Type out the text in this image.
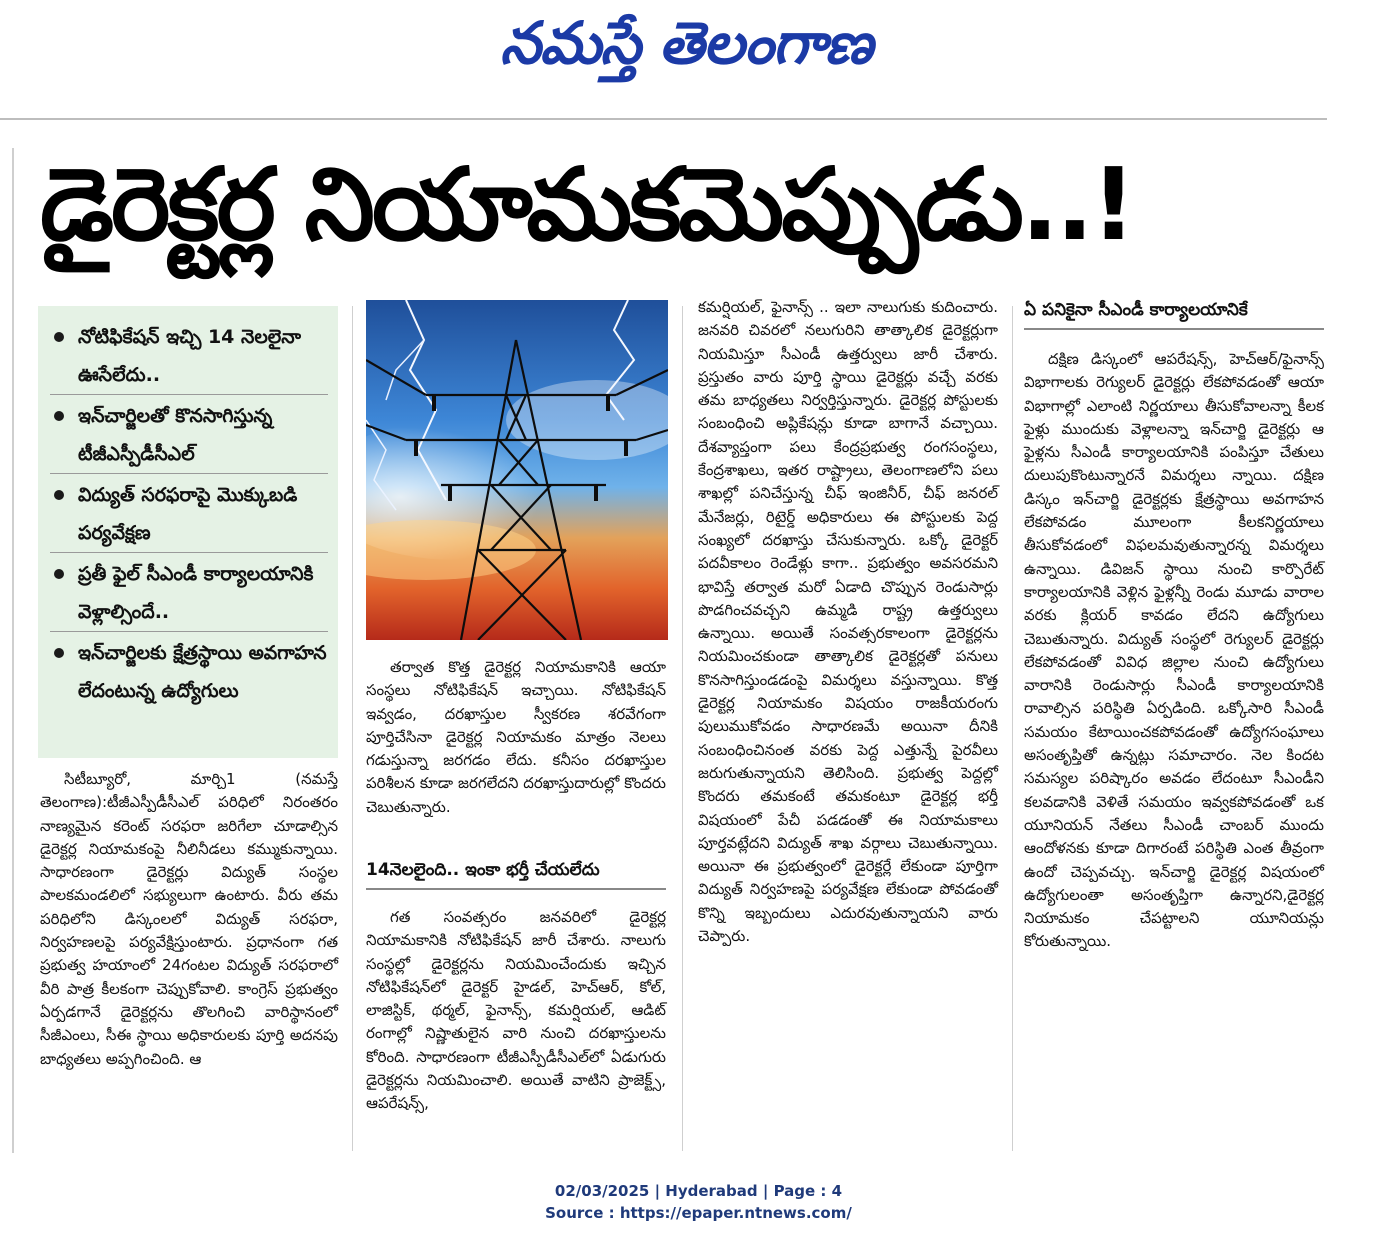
నమస్తే తెలంగాణ
డైరెక్టర్ల నియామకమెప్పుడు..!
నోటిఫికేషన్ ఇచ్చి 14 నెలలైనా ఊసేలేదు..
ఇన్‌చార్జిలతో కొనసాగిస్తున్న టీజీఎస్పీడీసీఎల్
విద్యుత్ సరఫరాపై మొక్కుబడి పర్యవేక్షణ
ప్రతీ ఫైల్ సీఎండీ కార్యాలయానికి వెళ్లాల్సిందే..
ఇన్‌చార్జిలకు క్షేత్రస్థాయి అవగాహన లేదంటున్న ఉద్యోగులు

సిటీబ్యూరో, మార్చి1 (నమస్తే తెలంగాణ):టీజీఎస్పీడీసీఎల్ పరిధిలో నిరంతరం నాణ్యమైన కరెంట్ సరఫరా జరిగేలా చూడాల్సిన డైరెక్టర్ల నియామకంపై నీలినీడలు కమ్ముకున్నాయి. సాధారణంగా డైరెక్టర్లు విద్యుత్ సంస్థల పాలకమండలిలో సభ్యులుగా ఉంటారు. వీరు తమ పరిధిలోని డిస్కంలలో విద్యుత్ సరఫరా, నిర్వహణలపై పర్యవేక్షిస్తుంటారు. ప్రధానంగా గత ప్రభుత్వ హయాంలో 24గంటల విద్యుత్ సరఫరాలో వీరి పాత్ర కీలకంగా చెప్పుకోవాలి. కాంగ్రెస్ ప్రభుత్వం ఏర్పడగానే డైరెక్టర్లను తొలగించి వారిస్థానంలో సీజీఎంలు, సీఈ స్థాయి అధికారులకు పూర్తి అదనపు బాధ్యతలు అప్పగించింది. ఆ

తర్వాత కొత్త డైరెక్టర్ల నియామకానికి ఆయా సంస్థలు నోటిఫికేషన్ ఇచ్చాయి. నోటిఫికేషన్ ఇవ్వడం, దరఖాస్తుల స్వీకరణ శరవేగంగా పూర్తిచేసినా డైరెక్టర్ల నియామకం మాత్రం నెలలు గడుస్తున్నా జరగడం లేదు. కనీసం దరఖాస్తుల పరిశీలన కూడా జరగలేదని దరఖాస్తుదారుల్లో కొందరు చెబుతున్నారు.

14నెలలైంది.. ఇంకా భర్తీ చేయలేదు

గత సంవత్సరం జనవరిలో డైరెక్టర్ల నియామకానికి నోటిఫికేషన్ జారీ చేశారు. నాలుగు సంస్థల్లో డైరెక్టర్లను నియమించేందుకు ఇచ్చిన నోటిఫికేషన్‌లో డైరెక్టర్ హైడల్, హెచ్‌ఆర్, కోల్, లాజిస్టిక్, థర్మల్, ఫైనాన్స్, కమర్షియల్, ఆడిట్ రంగాల్లో నిష్ణాతులైన వారి నుంచి దరఖాస్తులను కోరింది. సాధారణంగా టీజీఎస్పీడీసీఎల్‌లో ఏడుగురు డైరెక్టర్లను నియమించాలి. అయితే వాటిని ప్రాజెక్ట్స్, ఆపరేషన్స్,

కమర్షియల్, ఫైనాన్స్ .. ఇలా నాలుగుకు కుదించారు. జనవరి చివరలో నలుగురిని తాత్కాలిక డైరెక్టర్లుగా నియమిస్తూ సీఎండీ ఉత్తర్వులు జారీ చేశారు. ప్రస్తుతం వారు పూర్తి స్థాయి డైరెక్టర్లు వచ్చే వరకు తమ బాధ్యతలు నిర్వర్తిస్తున్నారు. డైరెక్టర్ల పోస్టులకు సంబంధించి అప్లికేషన్లు కూడా బాగానే వచ్చాయి. దేశవ్యాప్తంగా పలు కేంద్రప్రభుత్వ రంగసంస్థలు, కేంద్రశాఖలు, ఇతర రాష్ట్రాలు, తెలంగాణలోని పలు శాఖల్లో పనిచేస్తున్న చీఫ్ ఇంజినీర్, చీఫ్ జనరల్ మేనేజర్లు, రిటైర్డ్ అధికారులు ఈ పోస్టులకు పెద్ద సంఖ్యలో దరఖాస్తు చేసుకున్నారు. ఒక్కో డైరెక్టర్ పదవీకాలం రెండేళ్లు కాగా.. ప్రభుత్వం అవసరమని భావిస్తే తర్వాత మరో ఏడాది చొప్పున రెండుసార్లు పొడగించవచ్చని ఉమ్మడి రాష్ట్ర ఉత్తర్వులు ఉన్నాయి. అయితే సంవత్సరకాలంగా డైరెక్టర్లను నియమించకుండా తాత్కాలిక డైరెక్టర్లతో పనులు కొనసాగిస్తుండడంపై విమర్శలు వస్తున్నాయి. కొత్త డైరెక్టర్ల నియామకం విషయం రాజకీయరంగు పులుముకోవడం సాధారణమే అయినా దీనికి సంబంధించినంత వరకు పెద్ద ఎత్తున్నే పైరవీలు జరుగుతున్నాయని తెలిసింది. ప్రభుత్వ పెద్దల్లో కొందరు తమకంటే తమకంటూ డైరెక్టర్ల భర్తీ విషయంలో పేచీ పడడంతో ఈ నియామకాలు పూర్తవట్లేదని విద్యుత్ శాఖ వర్గాలు చెబుతున్నాయి. అయినా ఈ ప్రభుత్వంలో డైరెక్టర్లే లేకుండా పూర్తిగా విద్యుత్ నిర్వహణపై పర్యవేక్షణ లేకుండా పోవడంతో కొన్ని ఇబ్బందులు ఎదురవుతున్నాయని వారు చెప్పారు.

ఏ పనికైనా సీఎండీ కార్యాలయానికే

దక్షిణ డిస్కంలో ఆపరేషన్స్, హెచ్‌ఆర్/ఫైనాన్స్ విభాగాలకు రెగ్యులర్ డైరెక్టర్లు లేకపోవడంతో ఆయా విభాగాల్లో ఎలాంటి నిర్ణయాలు తీసుకోవాలన్నా కీలక ఫైళ్లు ముందుకు వెళ్లాలన్నా ఇన్‌చార్జి డైరెక్టర్లు ఆ ఫైళ్లను సీఎండీ కార్యాలయానికి పంపిస్తూ చేతులు దులుపుకొంటున్నారనే విమర్శలు న్నాయి. దక్షిణ డిస్కం ఇన్‌చార్జి డైరెక్టర్లకు క్షేత్రస్థాయి అవగాహన లేకపోవడం మూలంగా కీలకనిర్ణయాలు తీసుకోవడంలో విఫలమవుతున్నారన్న విమర్శలు ఉన్నాయి. డివిజన్ స్థాయి నుంచి కార్పొరేట్ కార్యాలయానికి వెళ్లిన ఫైళ్లన్నీ రెండు మూడు వారాల వరకు క్లియర్ కావడం లేదని ఉద్యోగులు చెబుతున్నారు. విద్యుత్ సంస్థలో రెగ్యులర్ డైరెక్టర్లు లేకపోవడంతో వివిధ జిల్లాల నుంచి ఉద్యోగులు వారానికి రెండుసార్లు సీఎండీ కార్యాలయానికి రావాల్సిన పరిస్థితి ఏర్పడింది. ఒక్కోసారి సీఎండీ సమయం కేటాయించకపోవడంతో ఉద్యోగసంఘాలు అసంతృప్తితో ఉన్నట్లు సమాచారం. నెల కిందట సమస్యల పరిష్కారం అవడం లేదంటూ సీఎండీని కలవడానికి వెళితే సమయం ఇవ్వకపోవడంతో ఒక యూనియన్ నేతలు సీఎండీ చాంబర్ ముందు ఆందోళనకు కూడా దిగారంటే పరిస్థితి ఎంత తీవ్రంగా ఉందో చెప్పవచ్చు. ఇన్‌చార్జి డైరెక్టర్ల విషయంలో ఉద్యోగులంతా అసంతృప్తిగా ఉన్నారని,డైరెక్టర్ల నియామకం చేపట్టాలని యూనియన్లు కోరుతున్నాయి.

02/03/2025 | Hyderabad | Page : 4
Source : https://epaper.ntnews.com/
